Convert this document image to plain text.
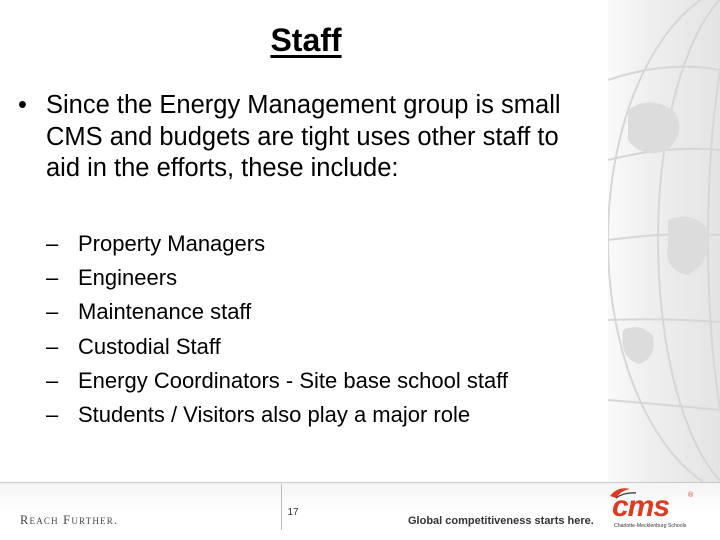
Staff
• Since the Energy Management group is small CMS and budgets are tight uses other staff to aid in the efforts, these include:
– Property Managers
– Engineers
– Maintenance staff
– Custodial Staff
– Energy Coordinators - Site base school staff
– Students / Visitors also play a major role
Reach Further.
17
Global competitiveness starts here. cms	®
Charlotte-Mecklenburg Schools
